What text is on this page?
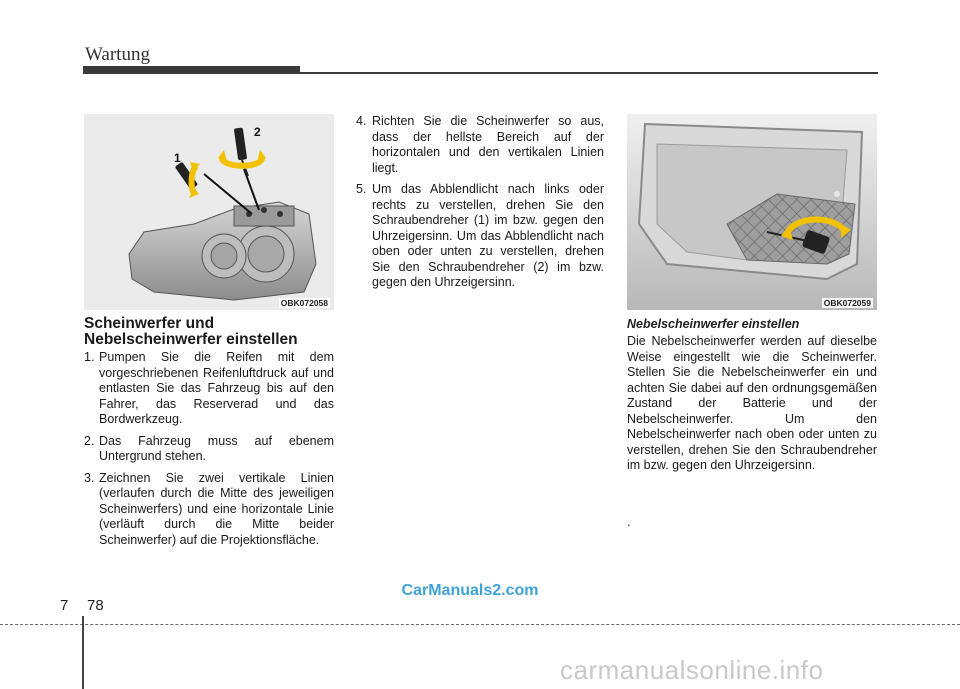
Wartung
1
2
OBK072058	OBK072059
Scheinwerfer und
Nebelscheinwerfer einstellen
1. Pumpen Sie die Reifen mit dem vorgeschriebenen Reifenluftdruck auf und entlasten Sie das Fahrzeug bis auf den Fahrer, das Reserverad und das Bordwerkzeug.
2. Das Fahrzeug muss auf ebenem Untergrund stehen.
3. Zeichnen Sie zwei vertikale Linien (verlaufen durch die Mitte des jeweiligen Scheinwerfers) und eine horizontale Linie (verläuft durch die Mitte beider Scheinwerfer) auf die Projektionsfläche.
4. Richten Sie die Scheinwerfer so aus, dass der hellste Bereich auf der horizontalen und den vertikalen Linien liegt.
5. Um das Abblendlicht nach links oder rechts zu verstellen, drehen Sie den Schraubendreher (1) im bzw. gegen den Uhrzeigersinn. Um das Abblendlicht nach oben oder unten zu verstellen, drehen Sie den Schraubendreher (2) im bzw. gegen den Uhrzeigersinn.
Nebelscheinwerfer einstellen
Die Nebelscheinwerfer werden auf dieselbe Weise eingestellt wie die Scheinwerfer. Stellen Sie die Nebelscheinwerfer ein und achten Sie dabei auf den ordnungsgemäßen Zustand der Batterie und der Nebelscheinwerfer. Um den Nebelscheinwerfer nach oben oder unten zu verstellen, drehen Sie den Schraubendreher im bzw. gegen den Uhrzeigersinn.
.
CarManuals2.com
7 78
carmanualsonline.info
